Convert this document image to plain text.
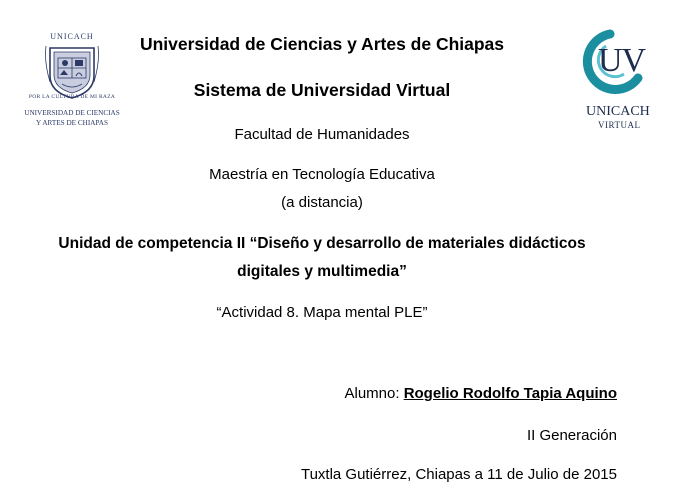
UNICACH
POR LA CULTURA DE MI RAZA
UNIVERSIDAD DE CIENCIAS
Y ARTES DE CHIAPAS
UV
UNICACH
VIRTUAL
Universidad de Ciencias y Artes de Chiapas
Sistema de Universidad Virtual
Facultad de Humanidades
Maestría en Tecnología Educativa
(a distancia)
Unidad de competencia II “Diseño y desarrollo de materiales didácticos
digitales y multimedia”
“Actividad 8. Mapa mental PLE”
Alumno: Rogelio Rodolfo Tapia Aquino
II Generación
Tuxtla Gutiérrez, Chiapas a 11 de Julio de 2015
